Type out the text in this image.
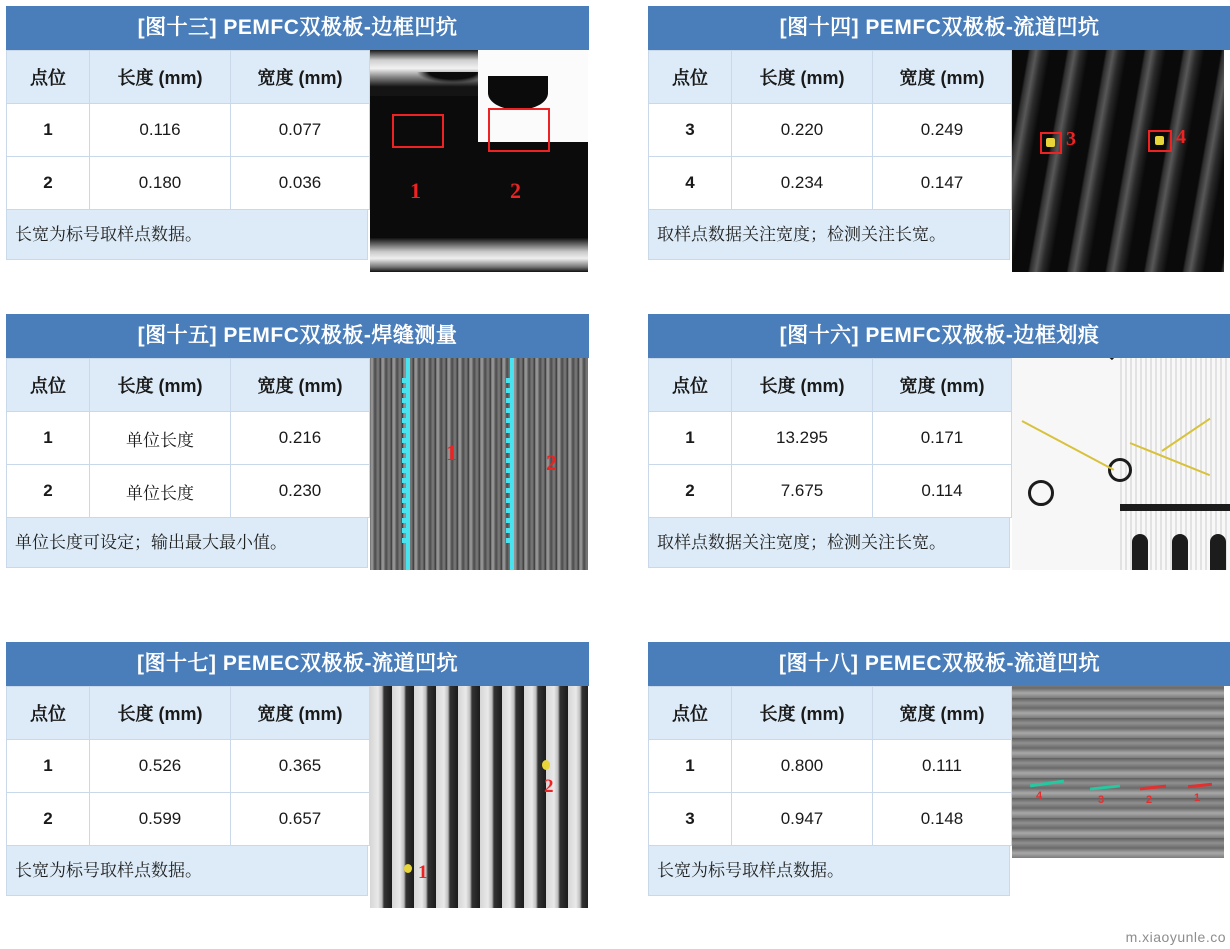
[图十三] PEMFC双极板-边框凹坑
点位	长度 (mm)	宽度 (mm)
1	0.116	0.077
2	0.180	0.036
长宽为标号取样点数据。
1	2
[图十四] PEMFC双极板-流道凹坑
点位	长度 (mm)	宽度 (mm)
3	0.220	0.249
4	0.234	0.147
取样点数据关注宽度；检测关注长宽。
3	4
[图十五] PEMFC双极板-焊缝测量
点位	长度 (mm)	宽度 (mm)
1	单位长度	0.216
2	单位长度	0.230
单位长度可设定；输出最大最小值。
1	2
[图十六] PEMFC双极板-边框划痕
点位	长度 (mm)	宽度 (mm)
1	13.295	0.171
2	7.675	0.114
取样点数据关注宽度；检测关注长宽。
[图十七] PEMEC双极板-流道凹坑
点位	长度 (mm)	宽度 (mm)
1	0.526	0.365
2	0.599	0.657
长宽为标号取样点数据。
2
1
[图十八] PEMEC双极板-流道凹坑
点位	长度 (mm)	宽度 (mm)
1	0.800	0.111
3	0.947	0.148
长宽为标号取样点数据。
4	3	2	1
m.xiaoyunle.co
